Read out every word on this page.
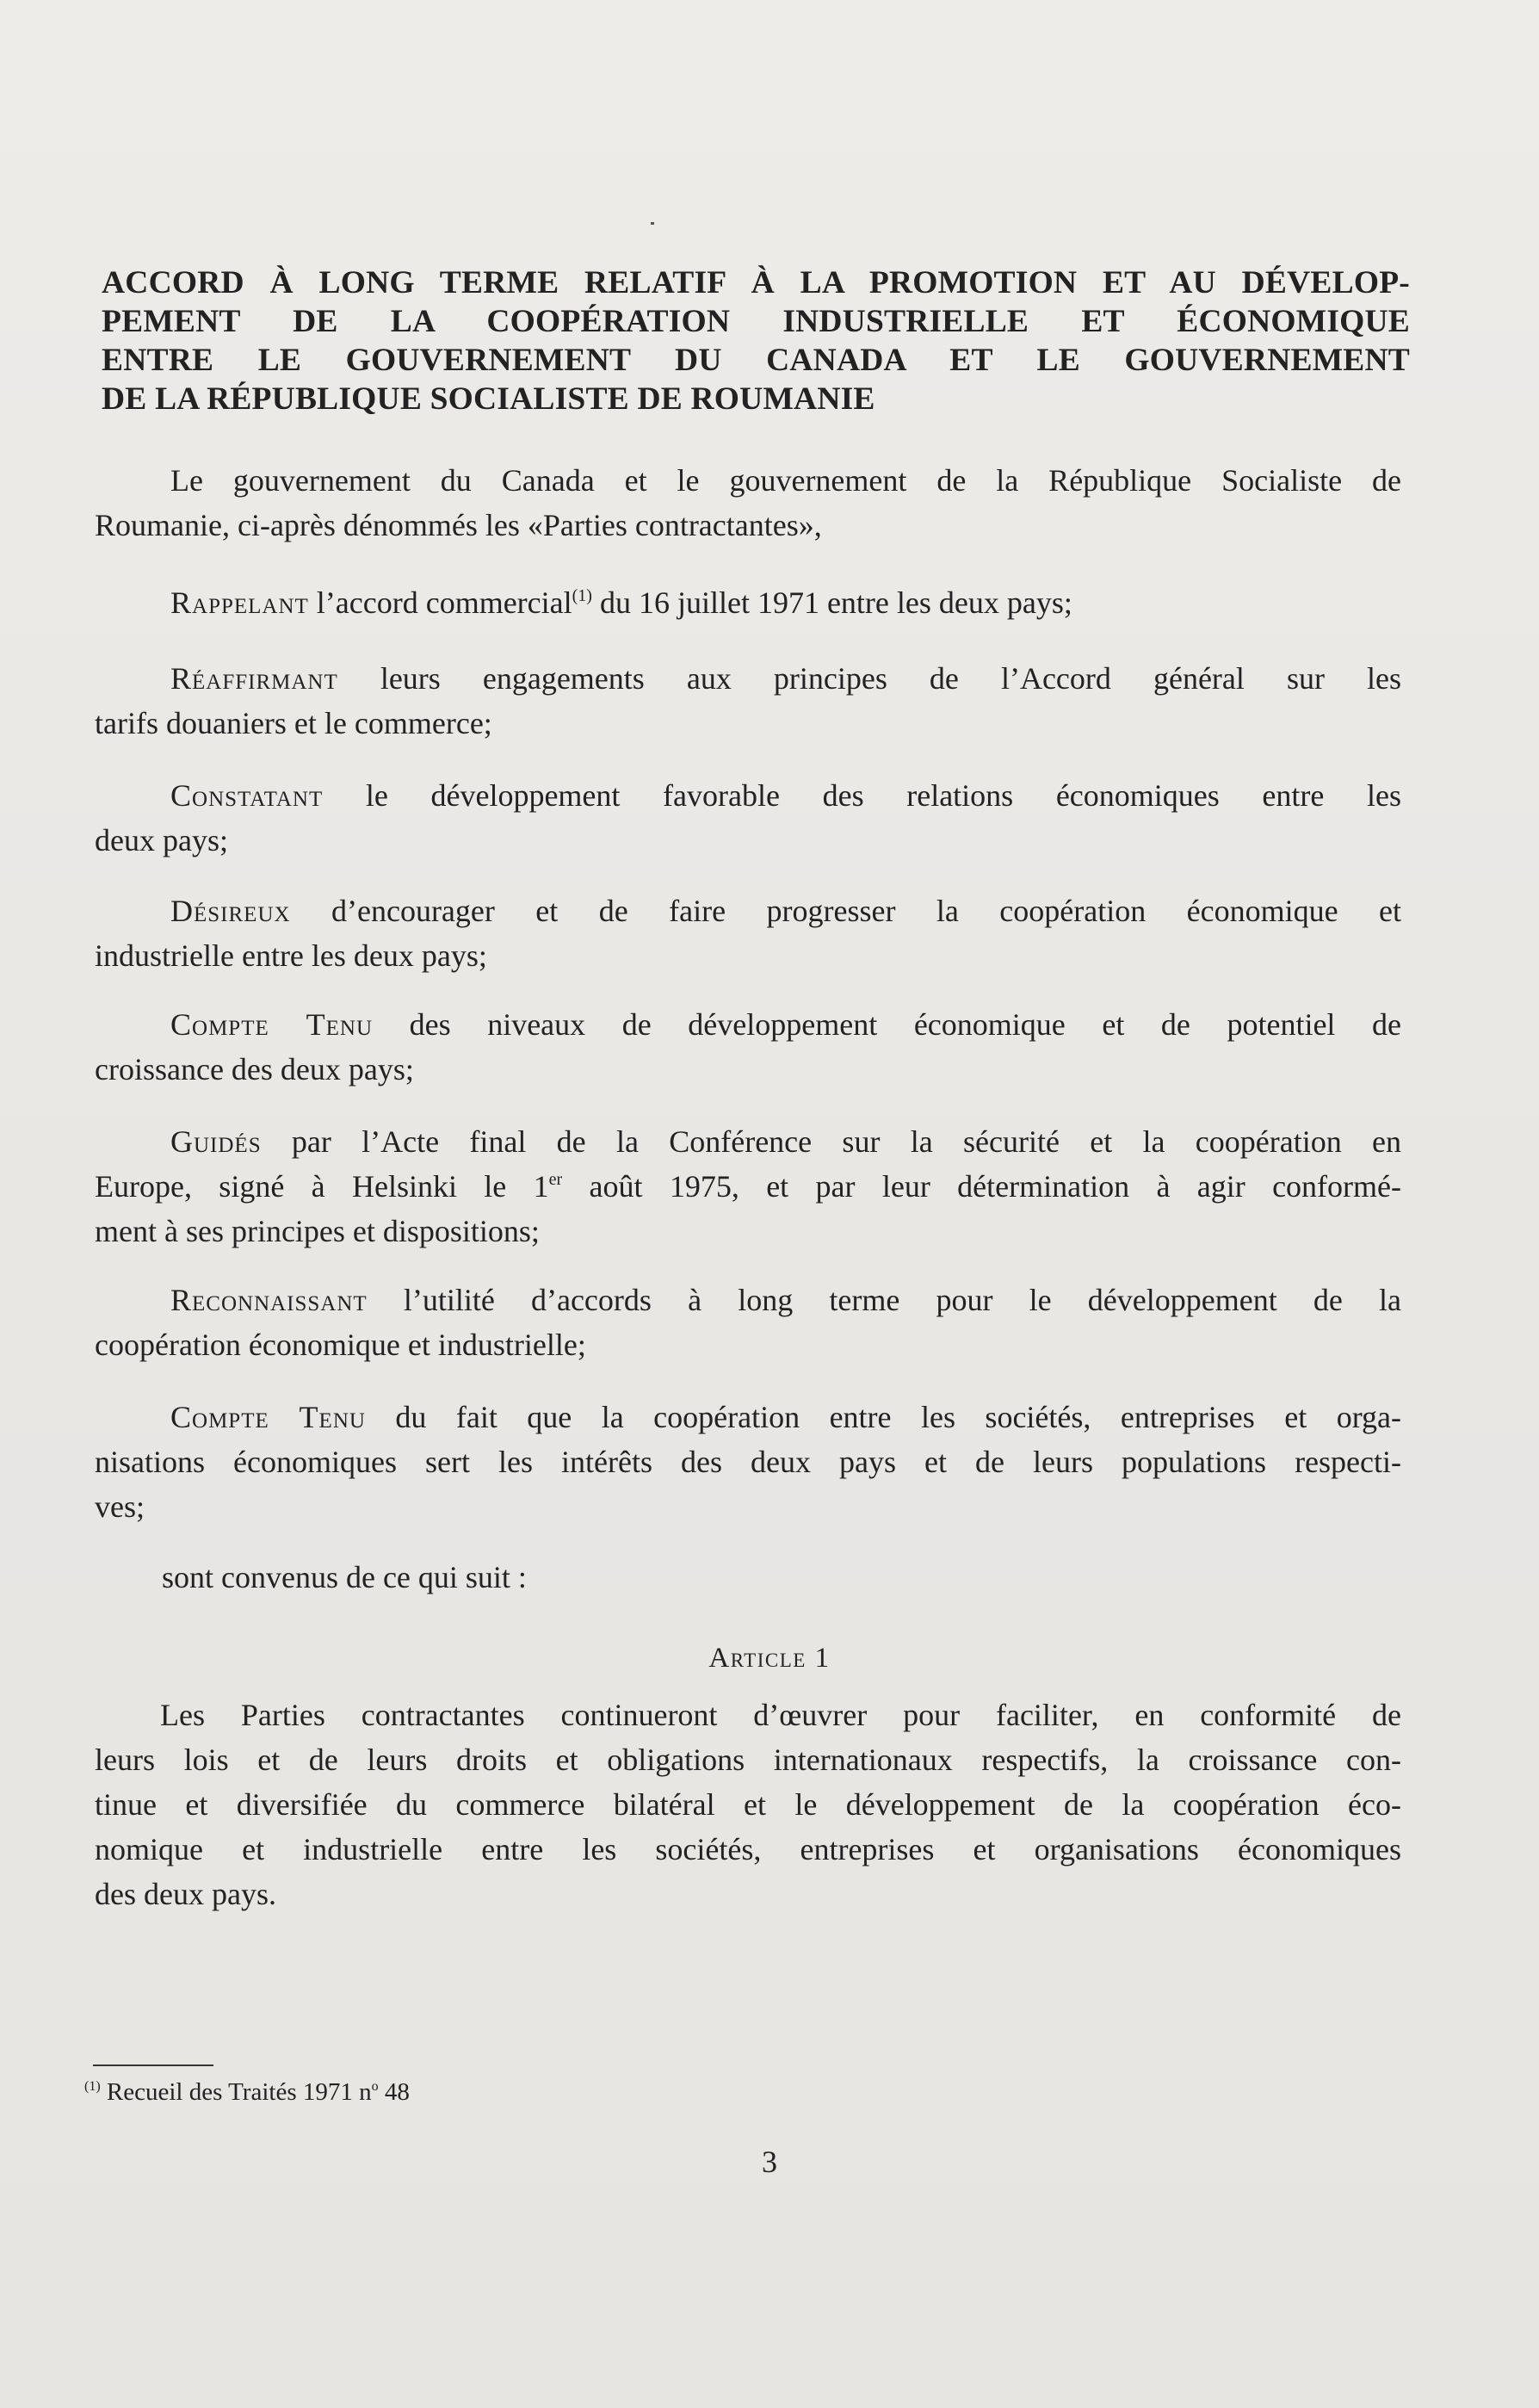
ACCORD À LONG TERME RELATIF À LA PROMOTION ET AU DÉVELOP-
PEMENT DE LA COOPÉRATION INDUSTRIELLE ET ÉCONOMIQUE
ENTRE LE GOUVERNEMENT DU CANADA ET LE GOUVERNEMENT
DE LA RÉPUBLIQUE SOCIALISTE DE ROUMANIE
Le gouvernement du Canada et le gouvernement de la République Socialiste de
Roumanie, ci-après dénommés les «Parties contractantes»,
Rappelant l’accord commercial$^{(1)}$ du 16 juillet 1971 entre les deux pays;
Réaffirmant leurs engagements aux principes de l’Accord général sur les
tarifs douaniers et le commerce;
Constatant le développement favorable des relations économiques entre les
deux pays;
Désireux d’encourager et de faire progresser la coopération économique et
industrielle entre les deux pays;
Compte Tenu des niveaux de développement économique et de potentiel de
croissance des deux pays;
Guidés par l’Acte final de la Conférence sur la sécurité et la coopération en
Europe, signé à Helsinki le 1er août 1975, et par leur détermination à agir conformé-
ment à ses principes et dispositions;
Reconnaissant l’utilité d’accords à long terme pour le développement de la
coopération économique et industrielle;
Compte Tenu du fait que la coopération entre les sociétés, entreprises et orga-
nisations économiques sert les intérêts des deux pays et de leurs populations respecti-
ves;
sont convenus de ce qui suit :
Article 1
Les Parties contractantes continueront d’œuvrer pour faciliter, en conformité de
leurs lois et de leurs droits et obligations internationaux respectifs, la croissance con-
tinue et diversifiée du commerce bilatéral et le développement de la coopération éco-
nomique et industrielle entre les sociétés, entreprises et organisations économiques
des deux pays.
$^{(1)}$ Recueil des Traités 1971 $n^o$ 48
3
